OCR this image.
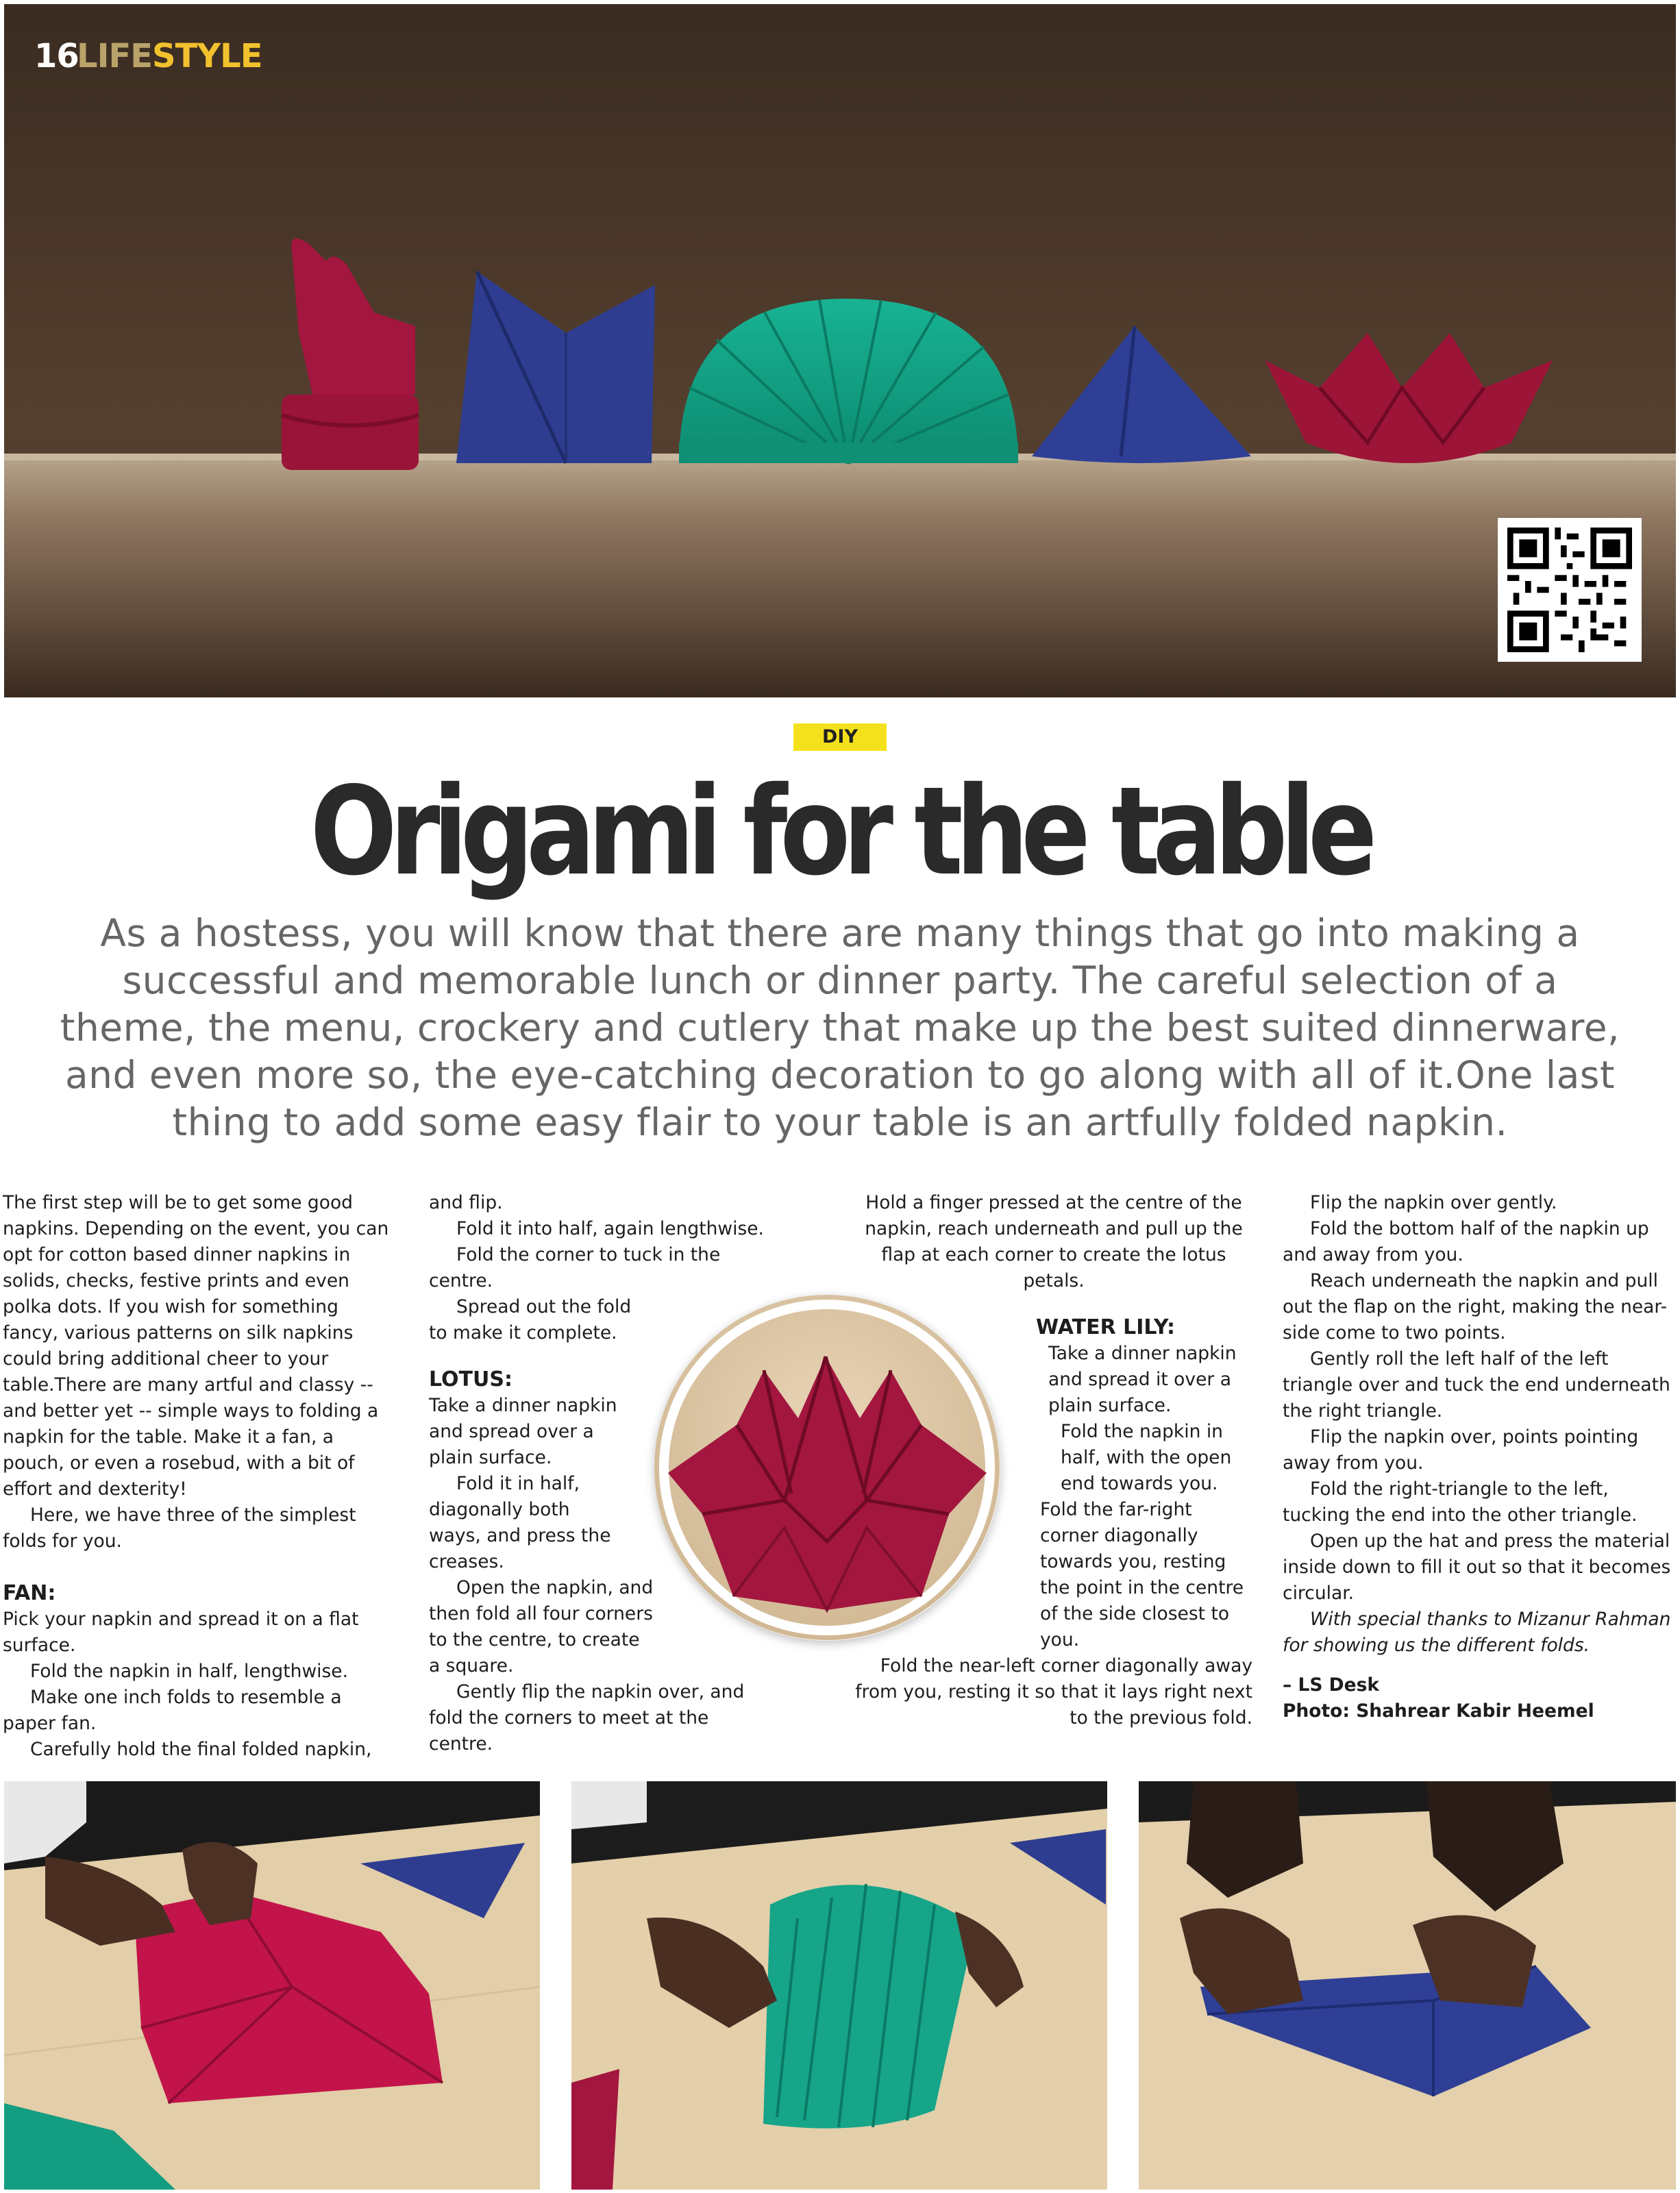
16
LIFESTYLE
DIY
Origami for the table

As a hostess, you will know that there are many things that go into making a successful and memorable lunch or dinner party. The careful selection of a theme, the menu, crockery and cutlery that make up the best suited dinnerware, and even more so, the eye-catching decoration to go along with all of it.One last thing to add some easy flair to your table is an artfully folded napkin.

The first step will be to get some good napkins. Depending on the event, you can opt for cotton based dinner napkins in solids, checks, festive prints and even polka dots. If you wish for something fancy, various patterns on silk napkins could bring additional cheer to your table.There are many artful and classy -- and better yet -- simple ways to folding a napkin for the table. Make it a fan, a pouch, or even a rosebud, with a bit of effort and dexterity!

Here, we have three of the simplest folds for you.

FAN:

Pick your napkin and spread it on a flat surface.

Fold the napkin in half, lengthwise.

Make one inch folds to resemble a paper fan.

Carefully hold the final folded napkin,

and flip.

Fold it into half, again lengthwise.

Fold the corner to tuck in the centre.

Spread out the fold to make it complete.

LOTUS:

Take a dinner napkin and spread over a plain surface.

Fold it in half, diagonally both ways, and press the creases.

Open the napkin, and then fold all four corners to the centre, to create a square.

Gently flip the napkin over, and fold the corners to meet at the centre.

Hold a finger pressed at the centre of the napkin, reach underneath and pull up the flap at each corner to create the lotus petals.

WATER LILY:

Take a dinner napkin and spread it over a plain surface.

Fold the napkin in half, with the open end towards you.

Fold the far-right corner diagonally towards you, resting the point in the centre of the side closest to you.

Fold the near-left corner diagonally away from you, resting it so that it lays right next to the previous fold.

Flip the napkin over gently.

Fold the bottom half of the napkin up and away from you.

Reach underneath the napkin and pull out the flap on the right, making the near-side come to two points.

Gently roll the left half of the left triangle over and tuck the end underneath the right triangle.

Flip the napkin over, points pointing away from you.

Fold the right-triangle to the left, tucking the end into the other triangle.

Open up the hat and press the material inside down to fill it out so that it becomes circular.

With special thanks to Mizanur Rahman for showing us the different folds.

– LS Desk

Photo: Shahrear Kabir Heemel
